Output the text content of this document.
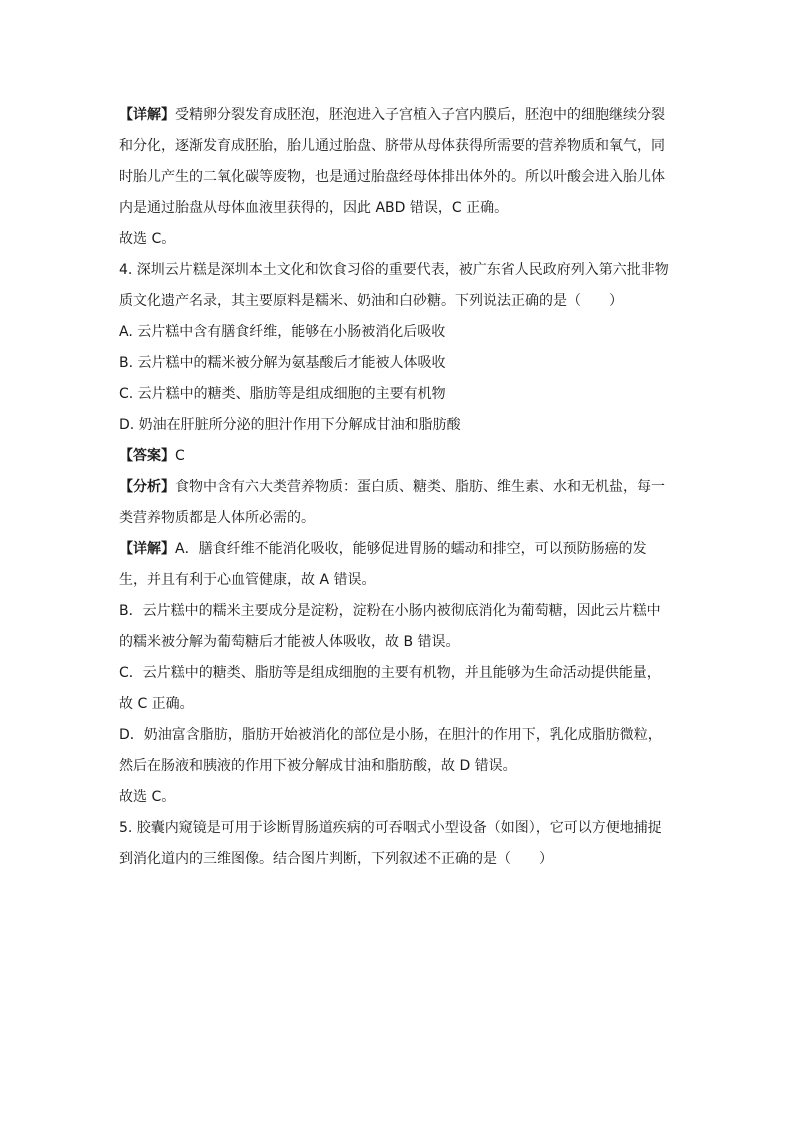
【详解】受精卵分裂发育成胚泡，胚泡进入子宫植入子宫内膜后，胚泡中的细胞继续分裂
和分化，逐渐发育成胚胎，胎儿通过胎盘、脐带从母体获得所需要的营养物质和氧气，同
时胎儿产生的二氧化碳等废物，也是通过胎盘经母体排出体外的。所以叶酸会进入胎儿体
内是通过胎盘从母体血液里获得的，因此 ABD 错误，C 正确。
故选 C。
4. 深圳云片糕是深圳本土文化和饮食习俗的重要代表，被广东省人民政府列入第六批非物
质文化遗产名录，其主要原料是糯米、奶油和白砂糖。下列说法正确的是（　　）
A. 云片糕中含有膳食纤维，能够在小肠被消化后吸收
B. 云片糕中的糯米被分解为氨基酸后才能被人体吸收
C. 云片糕中的糖类、脂肪等是组成细胞的主要有机物
D. 奶油在肝脏所分泌的胆汁作用下分解成甘油和脂肪酸
【答案】C
【分析】食物中含有六大类营养物质：蛋白质、糖类、脂肪、维生素、水和无机盐，每一
类营养物质都是人体所必需的。
【详解】A．膳食纤维不能消化吸收，能够促进胃肠的蠕动和排空，可以预防肠癌的发
生，并且有利于心血管健康，故 A 错误。
B．云片糕中的糯米主要成分是淀粉，淀粉在小肠内被彻底消化为葡萄糖，因此云片糕中
的糯米被分解为葡萄糖后才能被人体吸收，故 B 错误。
C．云片糕中的糖类、脂肪等是组成细胞的主要有机物，并且能够为生命活动提供能量，
故 C 正确。
D．奶油富含脂肪，脂肪开始被消化的部位是小肠，在胆汁的作用下，乳化成脂肪微粒，
然后在肠液和胰液的作用下被分解成甘油和脂肪酸，故 D 错误。
故选 C。
5. 胶囊内窥镜是可用于诊断胃肠道疾病的可吞咽式小型设备（如图），它可以方便地捕捉
到消化道内的三维图像。结合图片判断，下列叙述不正确的是（　　）
